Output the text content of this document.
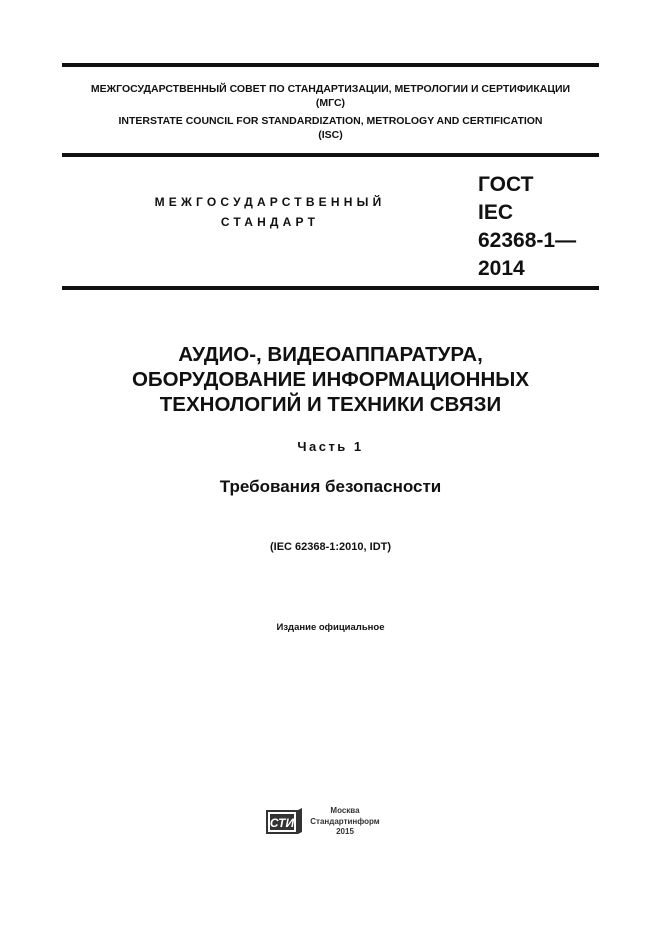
МЕЖГОСУДАРСТВЕННЫЙ СОВЕТ ПО СТАНДАРТИЗАЦИИ, МЕТРОЛОГИИ И СЕРТИФИКАЦИИ
(МГС)
INTERSTATE COUNCIL FOR STANDARDIZATION, METROLOGY AND CERTIFICATION
(ISC)
МЕЖГОСУДАРСТВЕННЫЙ
СТАНДАРТ
ГОСТ
IEC
62368-1—
2014
АУДИО-, ВИДЕОАППАРАТУРА,
ОБОРУДОВАНИЕ ИНФОРМАЦИОННЫХ
ТЕХНОЛОГИЙ И ТЕХНИКИ СВЯЗИ
Часть 1
Требования безопасности
(IEC 62368-1:2010, IDT)
Издание официальное
СТИ
Москва
Стандартинформ
2015
